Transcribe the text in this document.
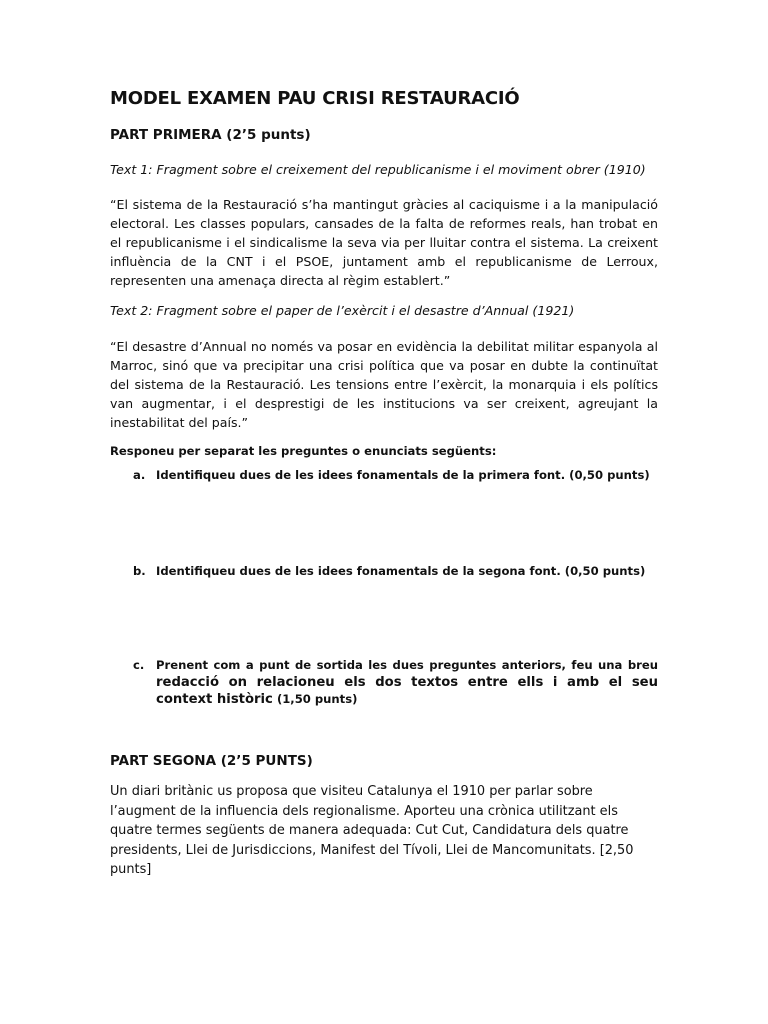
MODEL EXAMEN PAU CRISI RESTAURACIÓ
PART PRIMERA (2’5 punts)
Text 1: Fragment sobre el creixement del republicanisme i el moviment obrer (1910)

“El sistema de la Restauració s’ha mantingut gràcies al caciquisme i a la manipulació electoral. Les classes populars, cansades de la falta de reformes reals, han trobat en el republicanisme i el sindicalisme la seva via per lluitar contra el sistema. La creixent influència de la CNT i el PSOE, juntament amb el republicanisme de Lerroux, representen una amenaça directa al règim establert.”

Text 2: Fragment sobre el paper de l’exèrcit i el desastre d’Annual (1921)

“El desastre d’Annual no només va posar en evidència la debilitat militar espanyola al Marroc, sinó que va precipitar una crisi política que va posar en dubte la continuïtat del sistema de la Restauració. Les tensions entre l’exèrcit, la monarquia i els polítics van augmentar, i el desprestigi de les institucions va ser creixent, agreujant la inestabilitat del país.”

Responeu per separat les preguntes o enunciats següents:
a. Identifiqueu dues de les idees fonamentals de la primera font. (0,50 punts)
b. Identifiqueu dues de les idees fonamentals de la segona font. (0,50 punts)
c. Prenent com a punt de sortida les dues preguntes anteriors, feu una breu redacció on relacioneu els dos textos entre ells i amb el seu context històric (1,50 punts)
PART SEGONA (2’5 PUNTS)

Un diari britànic us proposa que visiteu Catalunya el 1910 per parlar sobre l’augment de la influencia dels regionalisme. Aporteu una crònica utilitzant els quatre termes següents de manera adequada: Cut Cut, Candidatura dels quatre presidents, Llei de Jurisdiccions, Manifest del Tívoli, Llei de Mancomunitats. [2,50 punts]
